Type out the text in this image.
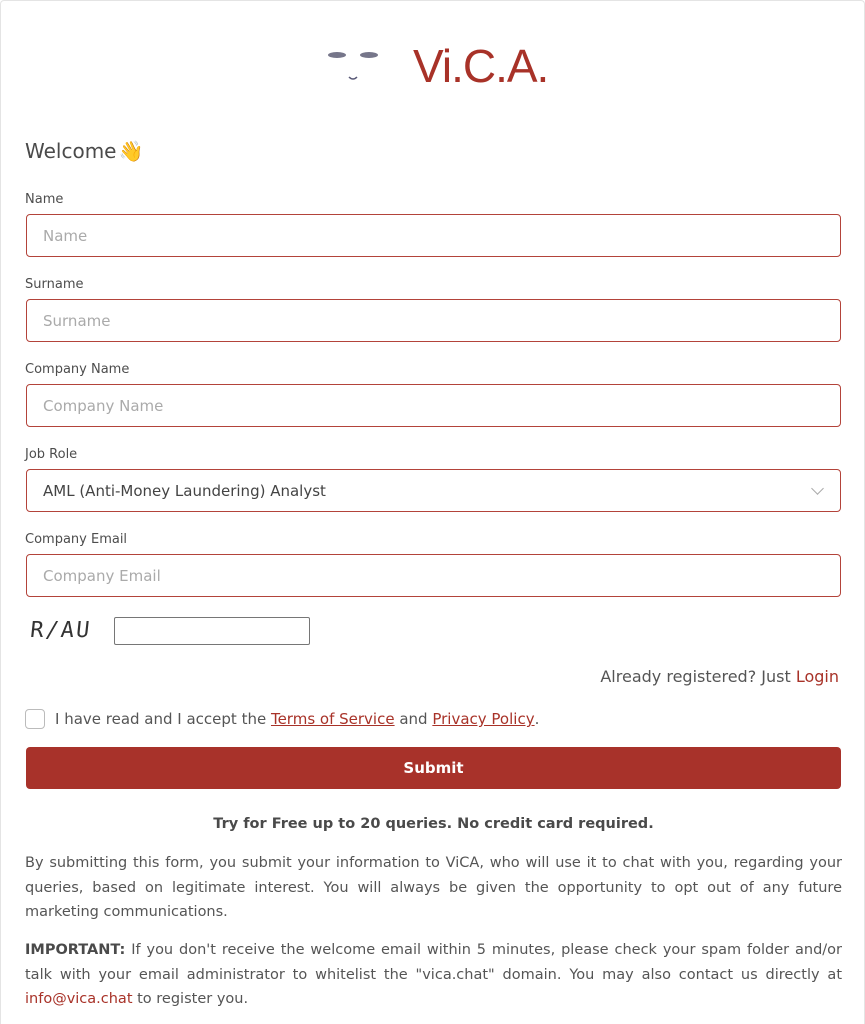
Vi.C.A.
Welcome 👋
Name
Name
Surname
Surname
Company Name
Company Name
Job Role
AML (Anti-Money Laundering) Analyst
Company Email
Company Email
R/AU
Already registered? Just Login
I have read and I accept the Terms of Service and Privacy Policy .
Submit
Try for Free up to 20 queries. No credit card required.
By submitting this form, you submit your information to ViCA, who will use it to chat with you, regarding your queries, based on legitimate interest. You will always be given the opportunity to opt out of any future marketing communications.
IMPORTANT: If you don't receive the welcome email within 5 minutes, please check your spam folder and/or talk with your email administrator to whitelist the "vica.chat" domain. You may also contact us directly at info@vica.chat to register you.
